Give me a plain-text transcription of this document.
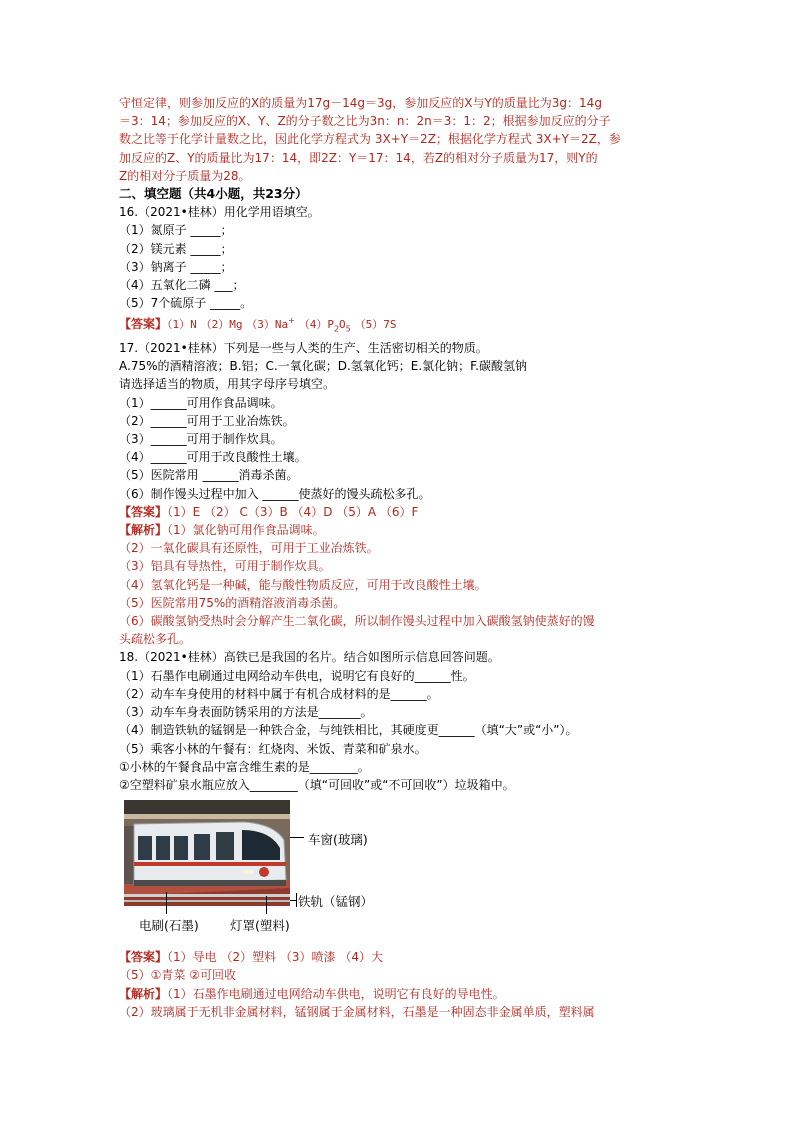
守恒定律，则参加反应的X的质量为17g－14g＝3g，参加反应的X与Y的质量比为3g：14g
＝3：14；参加反应的X、Y、Z的分子数之比为3n：n：2n＝3：1：2；根据参加反应的分子
数之比等于化学计量数之比，因此化学方程式为 3X+Y＝2Z；根据化学方程式 3X+Y＝2Z，参
加反应的Z、Y的质量比为17：14，即2Z：Y＝17：14，若Z的相对分子质量为17，则Y的
Z的相对分子质量为28。
二、填空题（共4小题，共23分）
16.（2021•桂林）用化学用语填空。
（1）氮原子 _____；
（2）镁元素 _____；
（3）钠离子 _____；
（4）五氧化二磷 ___；
（5）7个硫原子 _____。
【答案】（1）N （2）Mg （3）Na+ $(4)P_2O_5$ （5）7S
17.（2021•桂林）下列是一些与人类的生产、生活密切相关的物质。
A.75%的酒精溶液；B.铝；C.一氧化碳；D.氢氧化钙；E.氯化钠；F.碳酸氢钠
请选择适当的物质，用其字母序号填空。
（1）______可用作食品调味。
（2）______可用于工业冶炼铁。
（3）______可用于制作炊具。
（4）______可用于改良酸性土壤。
（5）医院常用 ______消毒杀菌。
（6）制作馒头过程中加入 ______使蒸好的馒头疏松多孔。
【答案】（1）E （2） C（3）B （4）D （5）A （6）F
【解析】（1）氯化钠可用作食品调味。
（2）一氧化碳具有还原性，可用于工业冶炼铁。
（3）铝具有导热性，可用于制作炊具。
（4）氢氧化钙是一种碱，能与酸性物质反应，可用于改良酸性土壤。
（5）医院常用75%的酒精溶液消毒杀菌。
（6）碳酸氢钠受热时会分解产生二氧化碳，所以制作馒头过程中加入碳酸氢钠使蒸好的馒
头疏松多孔。
18.（2021•桂林）高铁已是我国的名片。结合如图所示信息回答问题。
（1）石墨作电刷通过电网给动车供电，说明它有良好的______性。
（2）动车车身使用的材料中属于有机合成材料的是______。
（3）动车车身表面防锈采用的方法是_______。
（4）制造铁轨的锰钢是一种铁合金，与纯铁相比，其硬度更______（填“大”或“小”）。
（5）乘客小林的午餐有：红烧肉、米饭、青菜和矿泉水。
①小林的午餐食品中富含维生素的是________。
②空塑料矿泉水瓶应放入________（填“可回收”或“不可回收”）垃圾箱中。
车窗(玻璃)
铁轨（锰钢）
电刷(石墨) 灯罩(塑料)
【答案】（1）导电 （2）塑料 （3）喷漆 （4）大
（5）①青菜 ②可回收
【解析】（1）石墨作电刷通过电网给动车供电，说明它有良好的导电性。
（2）玻璃属于无机非金属材料，锰钢属于金属材料，石墨是一种固态非金属单质，塑料属
